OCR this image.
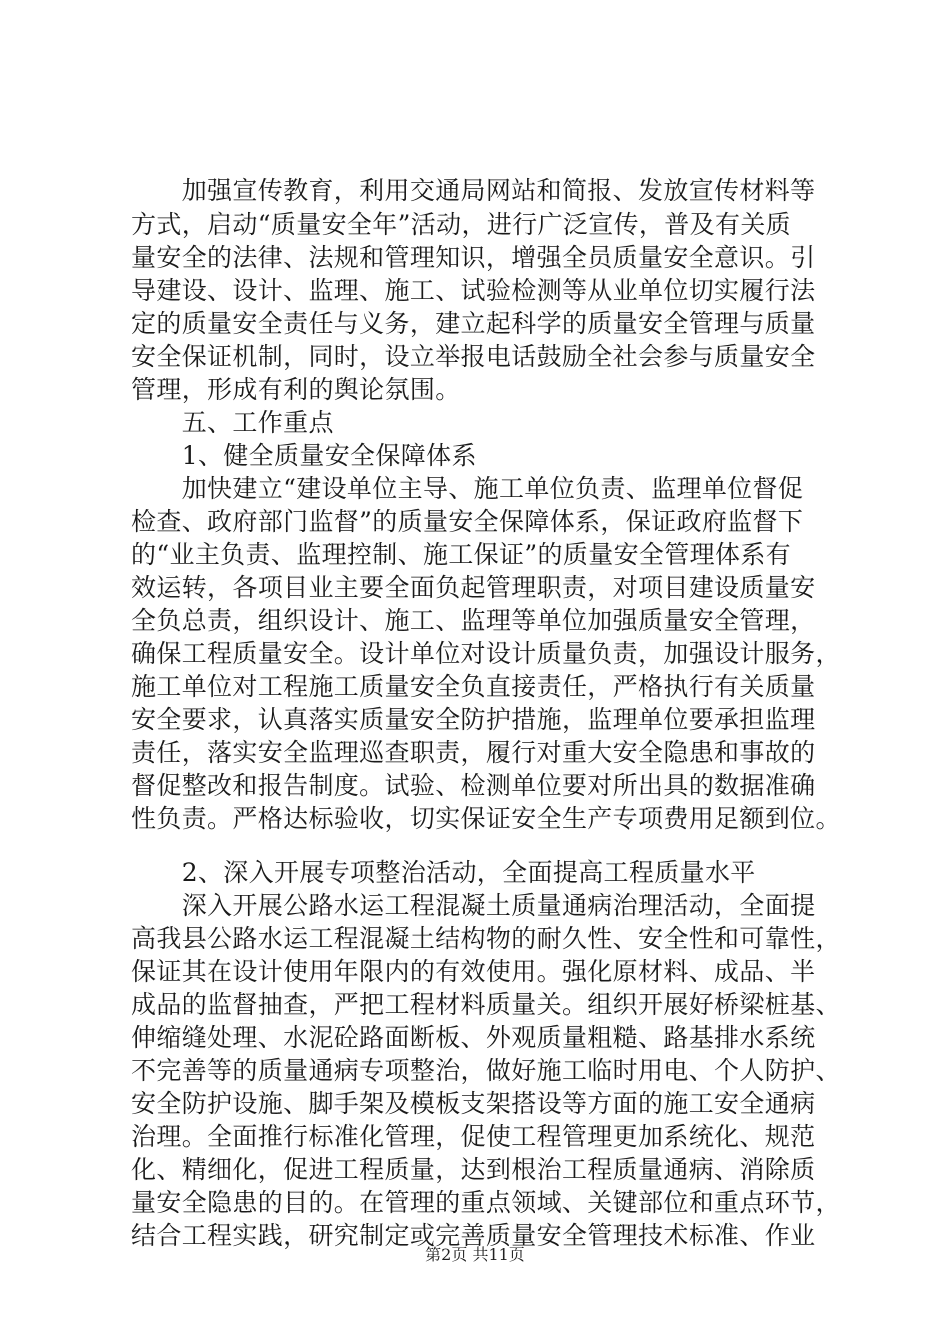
　　加强宣传教育，利用交通局网站和简报、发放宣传材料等
方式，启动“质量安全年”活动，进行广泛宣传，普及有关质
量安全的法律、法规和管理知识，增强全员质量安全意识。引
导建设、设计、监理、施工、试验检测等从业单位切实履行法
定的质量安全责任与义务，建立起科学的质量安全管理与质量
安全保证机制，同时，设立举报电话鼓励全社会参与质量安全
管理，形成有利的舆论氛围。
　　五、工作重点
　　1、健全质量安全保障体系
　　加快建立“建设单位主导、施工单位负责、监理单位督促
检查、政府部门监督”的质量安全保障体系，保证政府监督下
的“业主负责、监理控制、施工保证”的质量安全管理体系有
效运转，各项目业主要全面负起管理职责，对项目建设质量安
全负总责，组织设计、施工、监理等单位加强质量安全管理，
确保工程质量安全。设计单位对设计质量负责，加强设计服务，
施工单位对工程施工质量安全负直接责任，严格执行有关质量
安全要求，认真落实质量安全防护措施，监理单位要承担监理
责任，落实安全监理巡查职责，履行对重大安全隐患和事故的
督促整改和报告制度。试验、检测单位要对所出具的数据准确
性负责。严格达标验收，切实保证安全生产专项费用足额到位。
　　2、深入开展专项整治活动，全面提高工程质量水平
　　深入开展公路水运工程混凝土质量通病治理活动，全面提
高我县公路水运工程混凝土结构物的耐久性、安全性和可靠性，
保证其在设计使用年限内的有效使用。强化原材料、成品、半
成品的监督抽查，严把工程材料质量关。组织开展好桥梁桩基、
伸缩缝处理、水泥砼路面断板、外观质量粗糙、路基排水系统
不完善等的质量通病专项整治，做好施工临时用电、个人防护、
安全防护设施、脚手架及模板支架搭设等方面的施工安全通病
治理。全面推行标准化管理，促使工程管理更加系统化、规范
化、精细化，促进工程质量，达到根治工程质量通病、消除质
量安全隐患的目的。在管理的重点领域、关键部位和重点环节，
结合工程实践，研究制定或完善质量安全管理技术标准、作业
第2页 共11页
